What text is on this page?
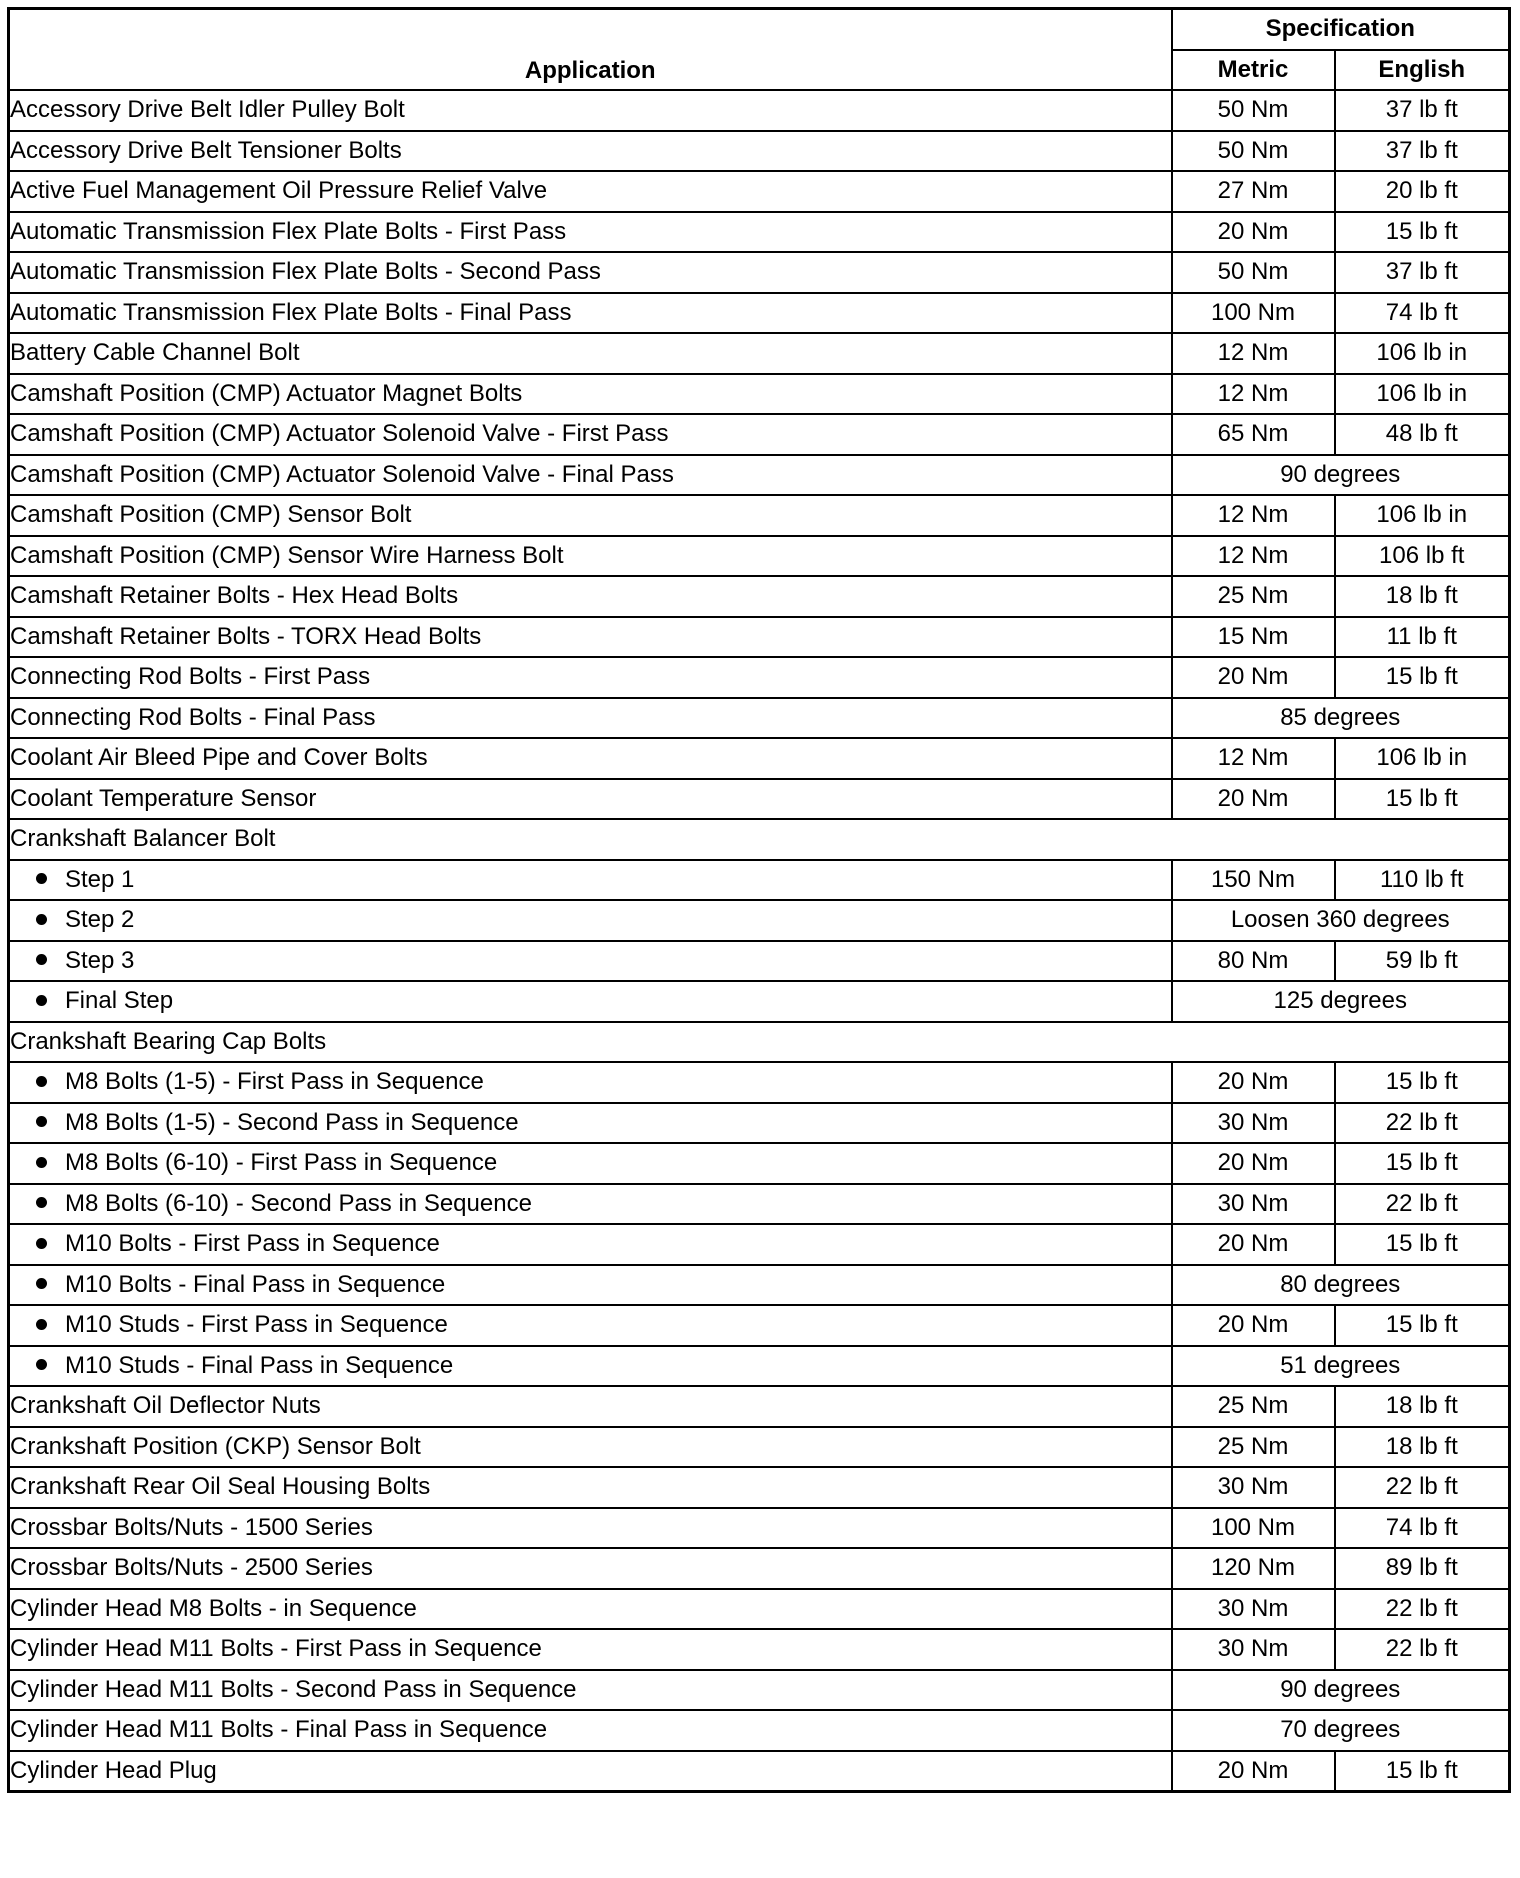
Application	Specification	
	Metric	English
Accessory Drive Belt Idler Pulley Bolt	50 Nm	37 lb ft
Accessory Drive Belt Tensioner Bolts	50 Nm	37 lb ft
Active Fuel Management Oil Pressure Relief Valve	27 Nm	20 lb ft
Automatic Transmission Flex Plate Bolts - First Pass	20 Nm	15 lb ft
Automatic Transmission Flex Plate Bolts - Second Pass	50 Nm	37 lb ft
Automatic Transmission Flex Plate Bolts - Final Pass	100 Nm	74 lb ft
Battery Cable Channel Bolt	12 Nm	106 lb in
Camshaft Position (CMP) Actuator Magnet Bolts	12 Nm	106 lb in
Camshaft Position (CMP) Actuator Solenoid Valve - First Pass	65 Nm	48 lb ft
Camshaft Position (CMP) Actuator Solenoid Valve - Final Pass	90 degrees	
Camshaft Position (CMP) Sensor Bolt	12 Nm	106 lb in
Camshaft Position (CMP) Sensor Wire Harness Bolt	12 Nm	106 lb ft
Camshaft Retainer Bolts - Hex Head Bolts	25 Nm	18 lb ft
Camshaft Retainer Bolts - TORX Head Bolts	15 Nm	11 lb ft
Connecting Rod Bolts - First Pass	20 Nm	15 lb ft
Connecting Rod Bolts - Final Pass	85 degrees	
Coolant Air Bleed Pipe and Cover Bolts	12 Nm	106 lb in
Coolant Temperature Sensor	20 Nm	15 lb ft
Crankshaft Balancer Bolt		
Step 1	150 Nm	110 lb ft
Step 2	Loosen 360 degrees	
Step 3	80 Nm	59 lb ft
Final Step	125 degrees	
Crankshaft Bearing Cap Bolts		
M8 Bolts (1-5) - First Pass in Sequence	20 Nm	15 lb ft
M8 Bolts (1-5) - Second Pass in Sequence	30 Nm	22 lb ft
M8 Bolts (6-10) - First Pass in Sequence	20 Nm	15 lb ft
M8 Bolts (6-10) - Second Pass in Sequence	30 Nm	22 lb ft
M10 Bolts - First Pass in Sequence	20 Nm	15 lb ft
M10 Bolts - Final Pass in Sequence	80 degrees	
M10 Studs - First Pass in Sequence	20 Nm	15 lb ft
M10 Studs - Final Pass in Sequence	51 degrees	
Crankshaft Oil Deflector Nuts	25 Nm	18 lb ft
Crankshaft Position (CKP) Sensor Bolt	25 Nm	18 lb ft
Crankshaft Rear Oil Seal Housing Bolts	30 Nm	22 lb ft
Crossbar Bolts/Nuts - 1500 Series	100 Nm	74 lb ft
Crossbar Bolts/Nuts - 2500 Series	120 Nm	89 lb ft
Cylinder Head M8 Bolts - in Sequence	30 Nm	22 lb ft
Cylinder Head M11 Bolts - First Pass in Sequence	30 Nm	22 lb ft
Cylinder Head M11 Bolts - Second Pass in Sequence	90 degrees	
Cylinder Head M11 Bolts - Final Pass in Sequence	70 degrees	
Cylinder Head Plug	20 Nm	15 lb ft
